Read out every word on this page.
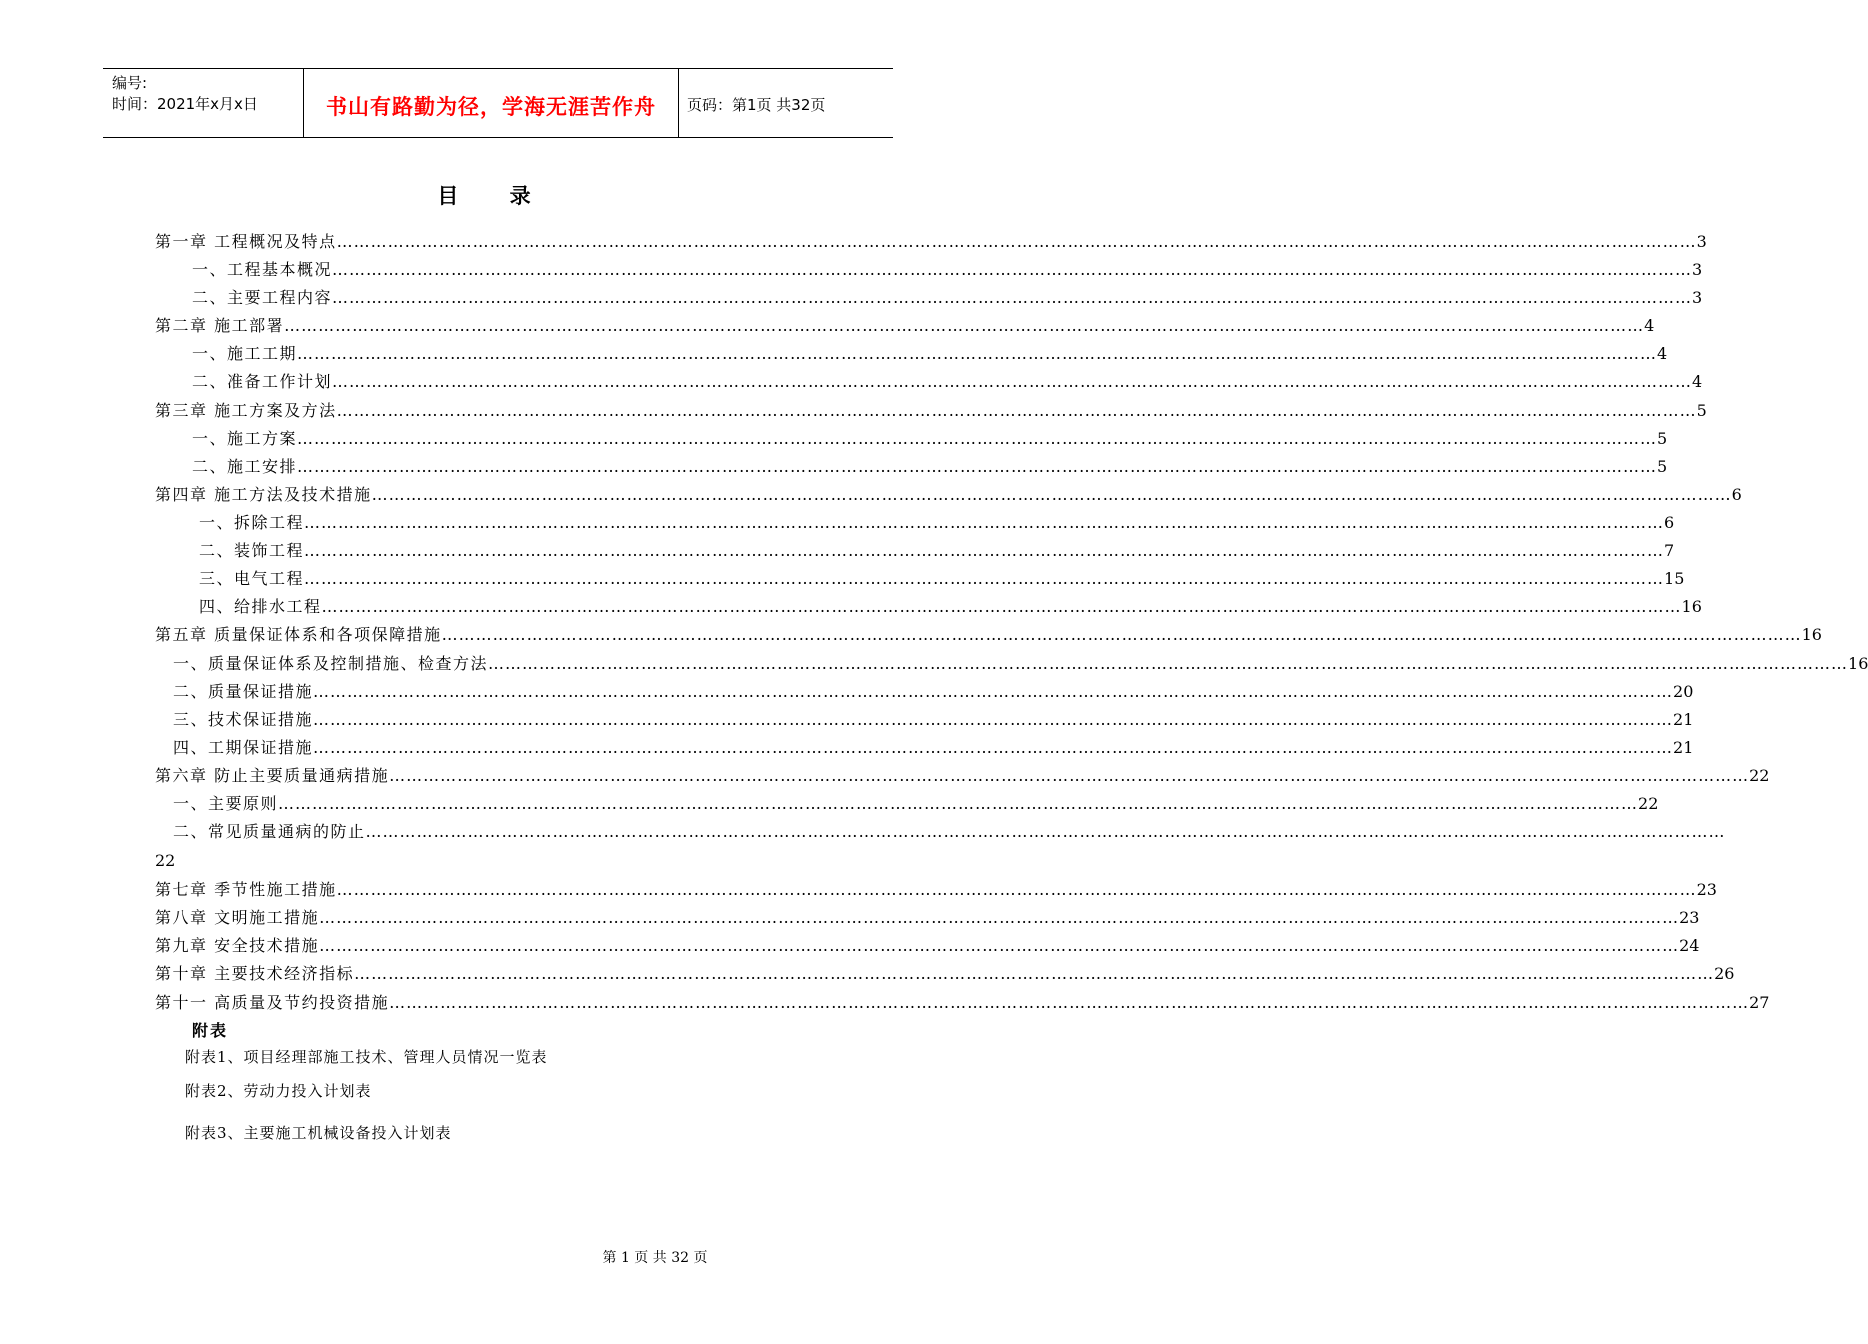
编号:
时间：2021年x月x日	书山有路勤为径，学海无涯苦作舟	页码：第1页 共32页
目 录
第一章 工程概况及特点 …………………………………………………………………………………………………………………………………………………………………………………………………………………… 3
一、工程基本概况 …………………………………………………………………………………………………………………………………………………………………………………………………………………… 3
二、主要工程内容 …………………………………………………………………………………………………………………………………………………………………………………………………………………… 3
第二章 施工部署 …………………………………………………………………………………………………………………………………………………………………………………………………………………… 4
一、施工工期 …………………………………………………………………………………………………………………………………………………………………………………………………………………… 4
二、准备工作计划 …………………………………………………………………………………………………………………………………………………………………………………………………………………… 4
第三章 施工方案及方法 …………………………………………………………………………………………………………………………………………………………………………………………………………………… 5
一、施工方案 …………………………………………………………………………………………………………………………………………………………………………………………………………………… 5
二、施工安排 …………………………………………………………………………………………………………………………………………………………………………………………………………………… 5
第四章 施工方法及技术措施 …………………………………………………………………………………………………………………………………………………………………………………………………………………… 6
一、拆除工程 …………………………………………………………………………………………………………………………………………………………………………………………………………………… 6
二、装饰工程 …………………………………………………………………………………………………………………………………………………………………………………………………………………… 7
三、电气工程 …………………………………………………………………………………………………………………………………………………………………………………………………………………… 15
四、给排水工程 …………………………………………………………………………………………………………………………………………………………………………………………………………………… 16
第五章 质量保证体系和各项保障措施 …………………………………………………………………………………………………………………………………………………………………………………………………………………… 16
一、质量保证体系及控制措施、检查方法 …………………………………………………………………………………………………………………………………………………………………………………………………………………… 16
二、质量保证措施 …………………………………………………………………………………………………………………………………………………………………………………………………………………… 20
三、技术保证措施 …………………………………………………………………………………………………………………………………………………………………………………………………………………… 21
四、工期保证措施 …………………………………………………………………………………………………………………………………………………………………………………………………………………… 21
第六章 防止主要质量通病措施 …………………………………………………………………………………………………………………………………………………………………………………………………………………… 22
一、主要原则 …………………………………………………………………………………………………………………………………………………………………………………………………………………… 22
二、常见质量通病的防止 ……………………………………………………………………………………………………………………………………………………………………………………………………………………
22
第七章 季节性施工措施 …………………………………………………………………………………………………………………………………………………………………………………………………………………… 23
第八章 文明施工措施 …………………………………………………………………………………………………………………………………………………………………………………………………………………… 23
第九章 安全技术措施 …………………………………………………………………………………………………………………………………………………………………………………………………………………… 24
第十章 主要技术经济指标 …………………………………………………………………………………………………………………………………………………………………………………………………………………… 26
第十一 高质量及节约投资措施 …………………………………………………………………………………………………………………………………………………………………………………………………………………… 27
附表
附表1、项目经理部施工技术、管理人员情况一览表
附表2、劳动力投入计划表
附表3、主要施工机械设备投入计划表
第 1 页 共 32 页
